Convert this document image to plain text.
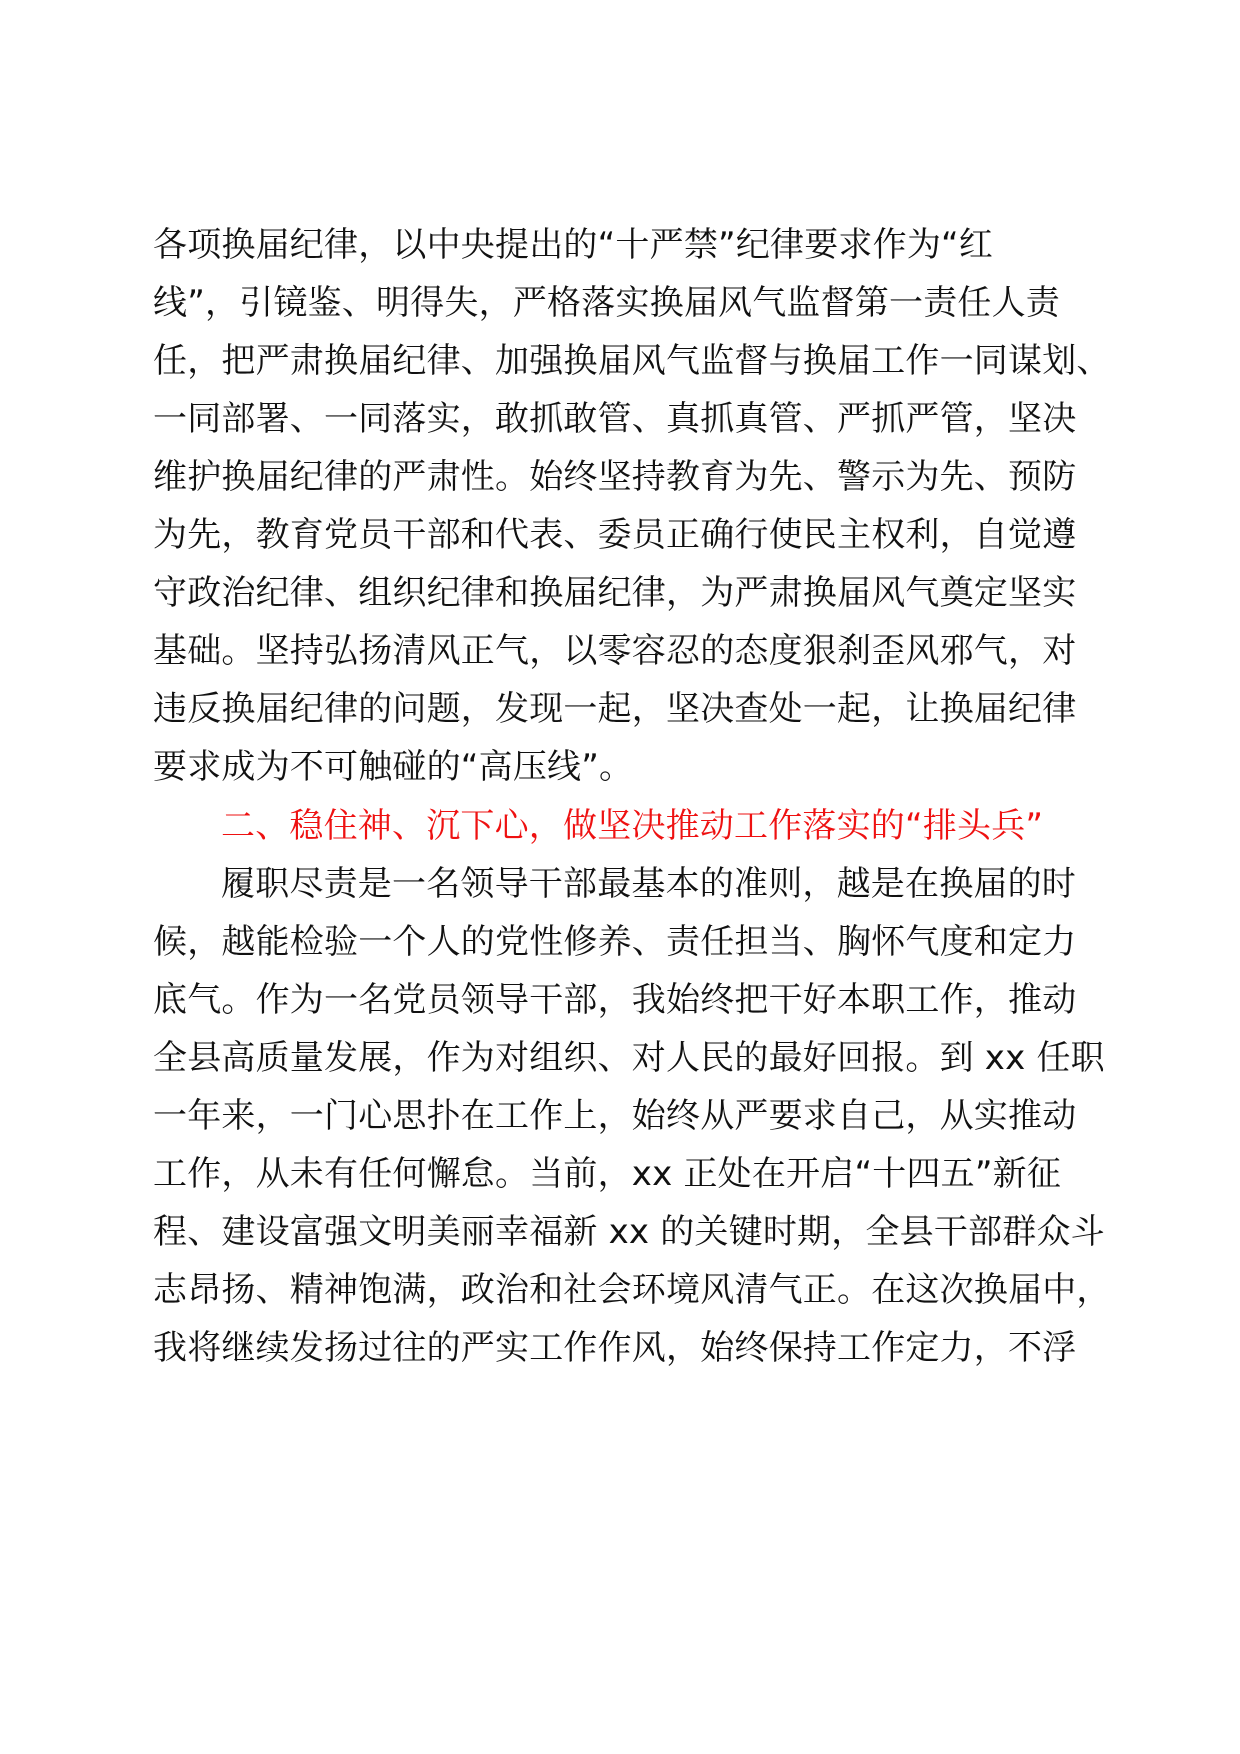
各项换届纪律，以中央提出的“十严禁”纪律要求作为“红
线”，引镜鉴、明得失，严格落实换届风气监督第一责任人责
任，把严肃换届纪律、加强换届风气监督与换届工作一同谋划、
一同部署、一同落实，敢抓敢管、真抓真管、严抓严管，坚决
维护换届纪律的严肃性。始终坚持教育为先、警示为先、预防
为先，教育党员干部和代表、委员正确行使民主权利，自觉遵
守政治纪律、组织纪律和换届纪律，为严肃换届风气奠定坚实
基础。坚持弘扬清风正气，以零容忍的态度狠刹歪风邪气，对
违反换届纪律的问题，发现一起，坚决查处一起，让换届纪律
要求成为不可触碰的“高压线”。
二、稳住神、沉下心，做坚决推动工作落实的“排头兵”
履职尽责是一名领导干部最基本的准则，越是在换届的时
候，越能检验一个人的党性修养、责任担当、胸怀气度和定力
底气。作为一名党员领导干部，我始终把干好本职工作，推动
全县高质量发展，作为对组织、对人民的最好回报。到 xx 任职
一年来，一门心思扑在工作上，始终从严要求自己，从实推动
工作，从未有任何懈怠。当前，xx 正处在开启“十四五”新征
程、建设富强文明美丽幸福新 xx 的关键时期，全县干部群众斗
志昂扬、精神饱满，政治和社会环境风清气正。在这次换届中，
我将继续发扬过往的严实工作作风，始终保持工作定力，不浮
